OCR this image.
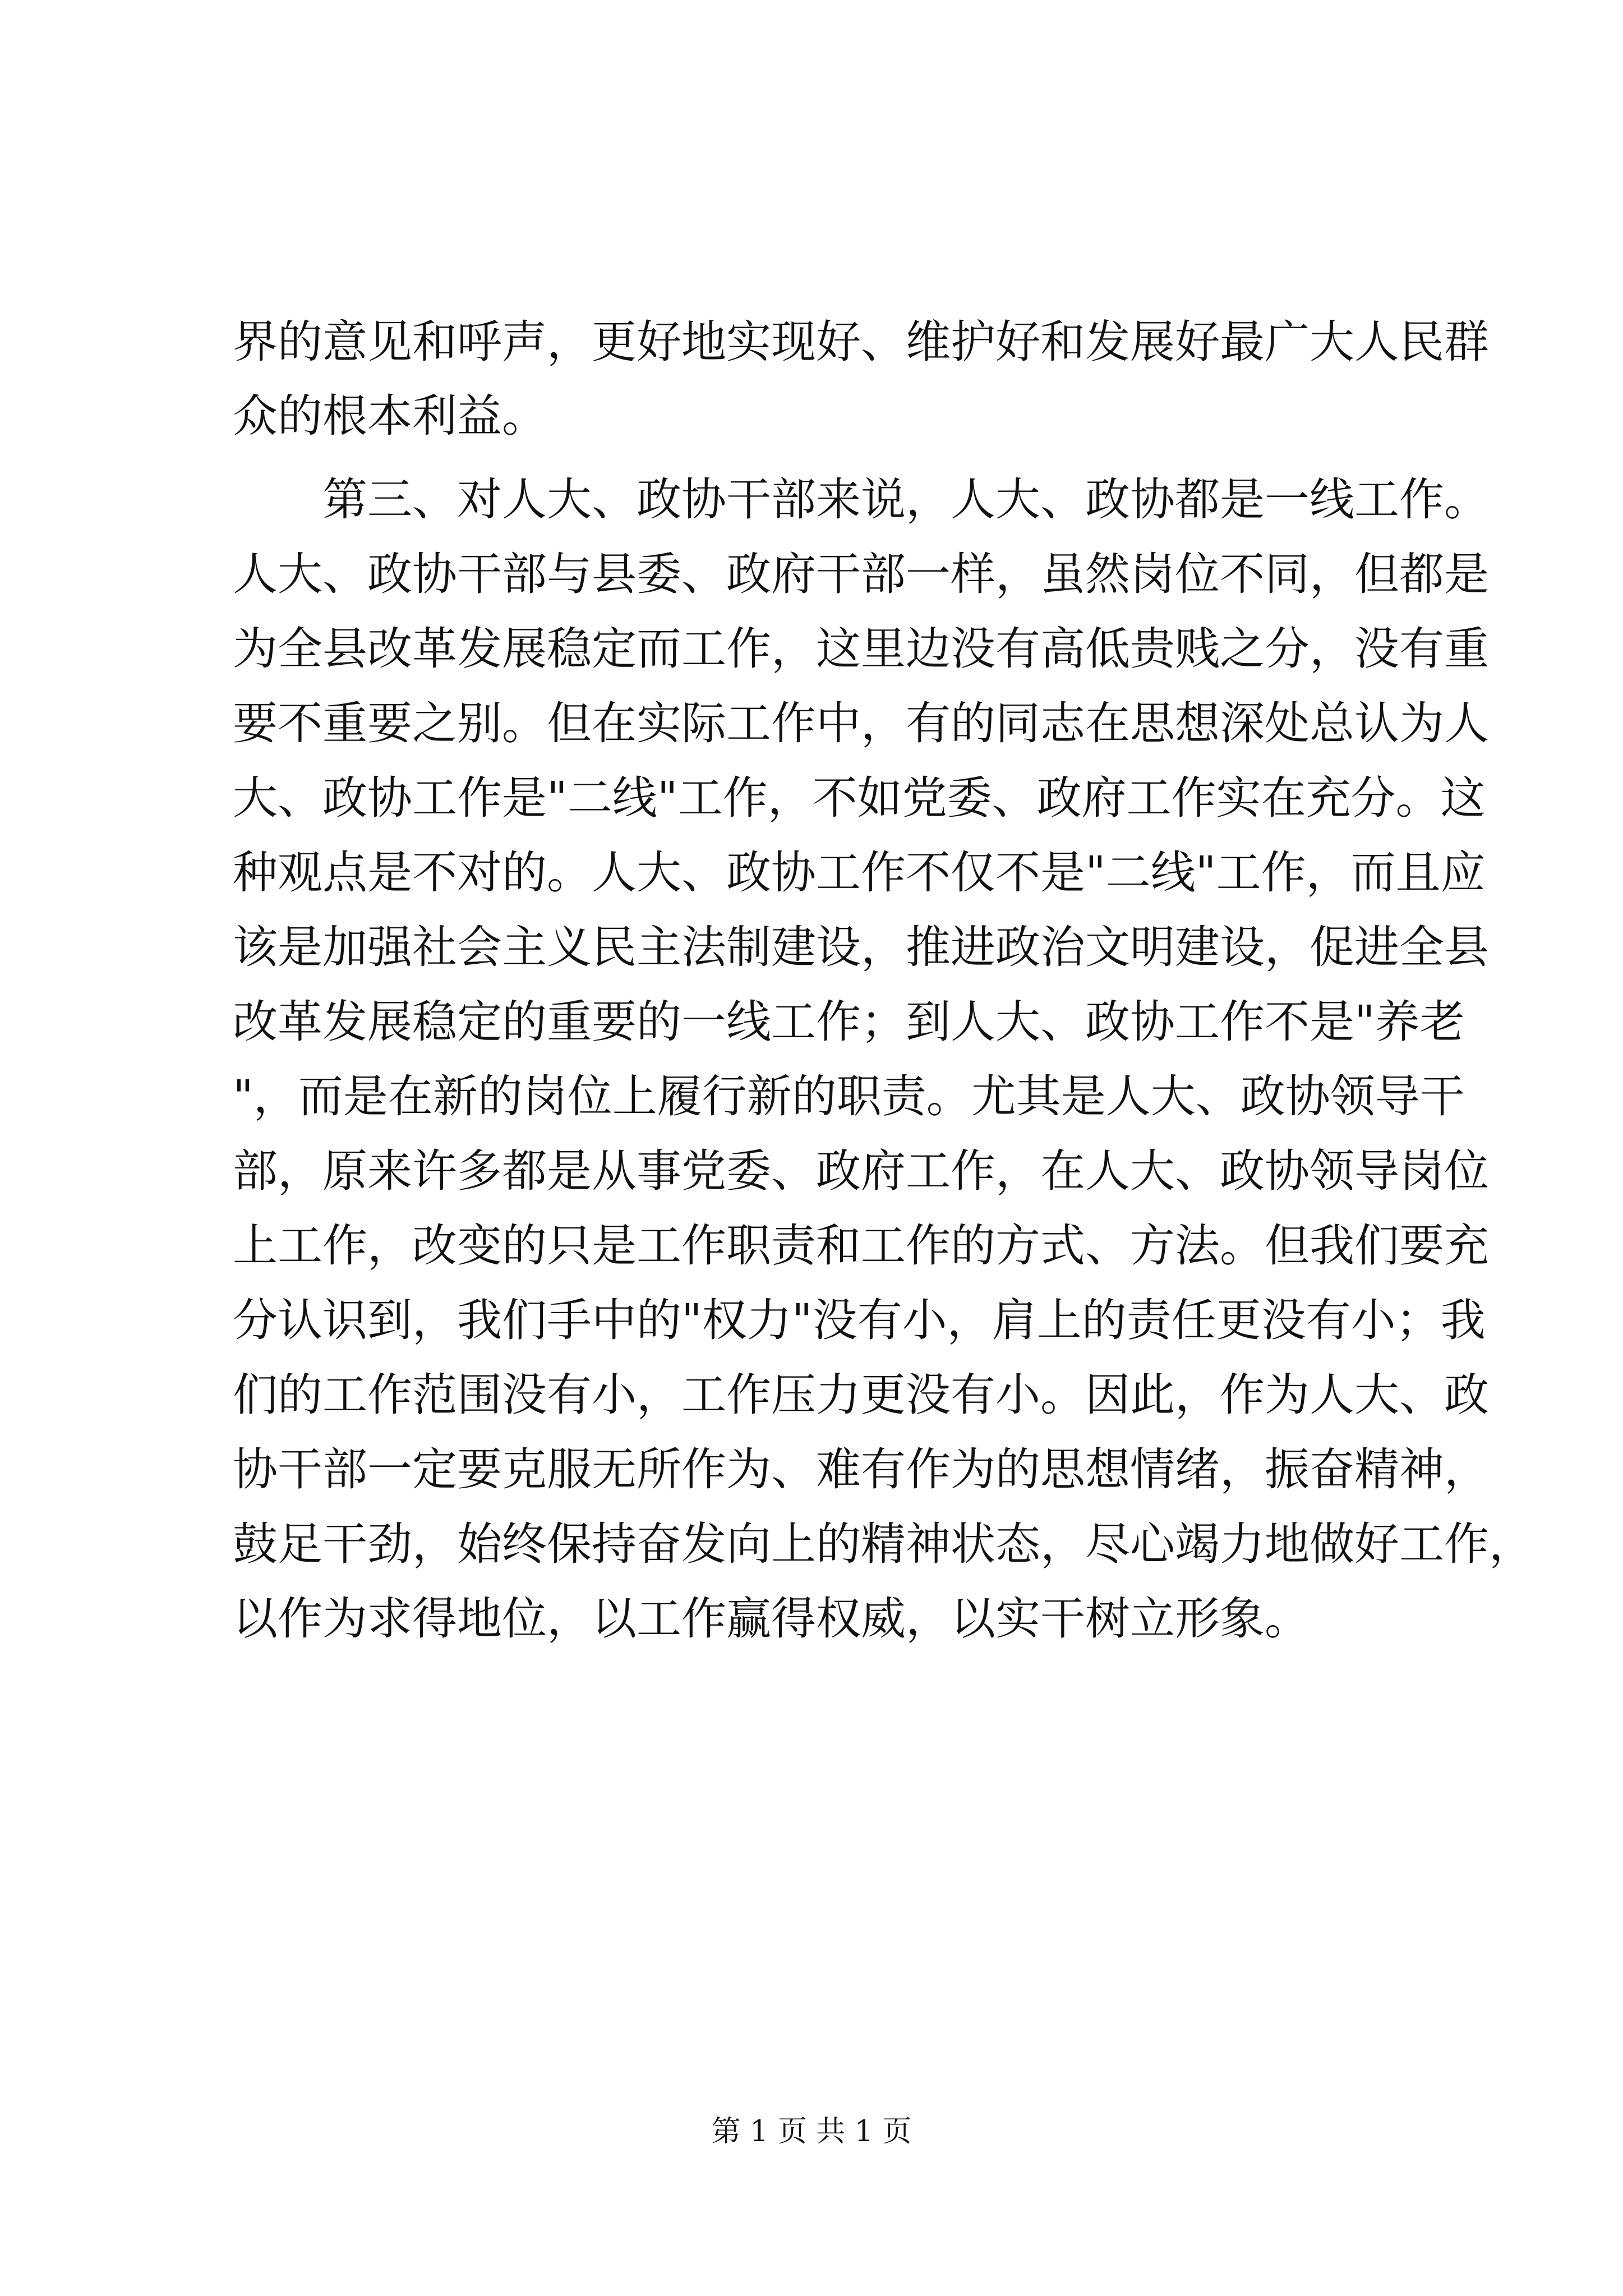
界的意见和呼声，更好地实现好、维护好和发展好最广大人民群
众的根本利益。
　　第三、对人大、政协干部来说，人大、政协都是一线工作。
人大、政协干部与县委、政府干部一样，虽然岗位不同，但都是
为全县改革发展稳定而工作，这里边没有高低贵贱之分，没有重
要不重要之别。但在实际工作中，有的同志在思想深处总认为人
大、政协工作是"二线"工作，不如党委、政府工作实在充分。这
种观点是不对的。人大、政协工作不仅不是"二线"工作，而且应
该是加强社会主义民主法制建设，推进政治文明建设，促进全县
改革发展稳定的重要的一线工作；到人大、政协工作不是"养老
"，而是在新的岗位上履行新的职责。尤其是人大、政协领导干
部，原来许多都是从事党委、政府工作，在人大、政协领导岗位
上工作，改变的只是工作职责和工作的方式、方法。但我们要充
分认识到，我们手中的"权力"没有小，肩上的责任更没有小；我
们的工作范围没有小，工作压力更没有小。因此，作为人大、政
协干部一定要克服无所作为、难有作为的思想情绪，振奋精神，
鼓足干劲，始终保持奋发向上的精神状态，尽心竭力地做好工作，
以作为求得地位，以工作赢得权威，以实干树立形象。
第 1 页 共 1 页
